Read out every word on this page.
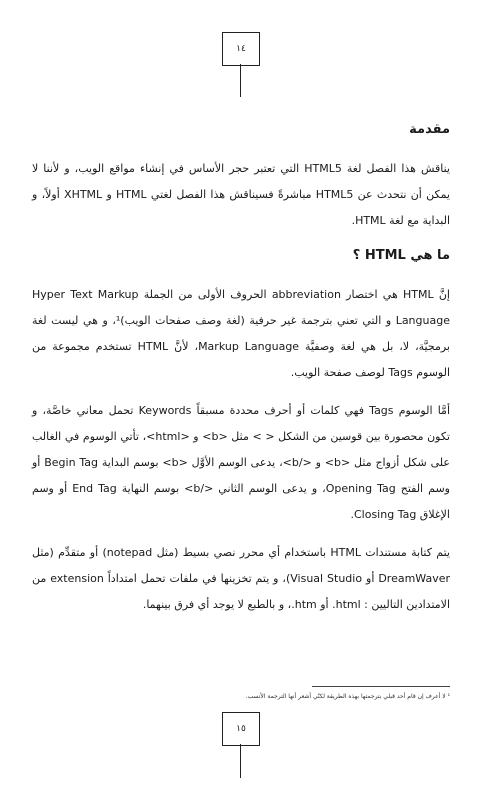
١٤
مقدمة

يناقش هذا الفصل لغة HTML5 التي تعتبر حجر الأساس في إنشاء مواقع الويب، و لأننا لا يمكن أن نتحدث عن HTML5 مباشرةً فسيناقش هذا الفصل لغتي HTML و XHTML أولاً، و البداية مع لغة HTML.

ما هي HTML ؟

إنَّ HTML هي اختصار abbreviation الحروف الأولى من الجملة Hyper Text Markup Language و التي تعني بترجمة غير حرفية (لغة وصف صفحات الويب)¹، و هي ليست لغة برمجيَّة، لا، بل هي لغة وصفيَّة Markup Language، لأنَّ HTML تستخدم مجموعة من الوسوم Tags لوصف صفحة الويب.

أمَّا الوسوم Tags فهي كلمات أو أحرف محددة مسبقاً Keywords تحمل معاني خاصَّة، و تكون محصورة بين قوسين من الشكل < > مثل <b> و <html>، تأتي الوسوم في الغالب على شكل أزواج مثل <b> و </b>، يدعى الوسم الأوَّل <b> بوسم البداية Begin Tag أو وسم الفتح Opening Tag، و يدعى الوسم الثاني </b> بوسم النهاية End Tag أو وسم الإغلاق Closing Tag.

يتم كتابة مستندات HTML باستخدام أي محرر نصي بسيط (مثل notepad) أو متقدِّم (مثل DreamWaver أو Visual Studio)، و يتم تخزينها في ملفات تحمل امتداداً extension من الامتدادين التاليين : html. أو htm.، و بالطبع لا يوجد أي فرق بينهما.

¹ لا أعرف إن قام أحد قبلي بترجمتها بهذه الطريقة لكنّي أشعر أنها الترجمة الأنسب.
١٥
